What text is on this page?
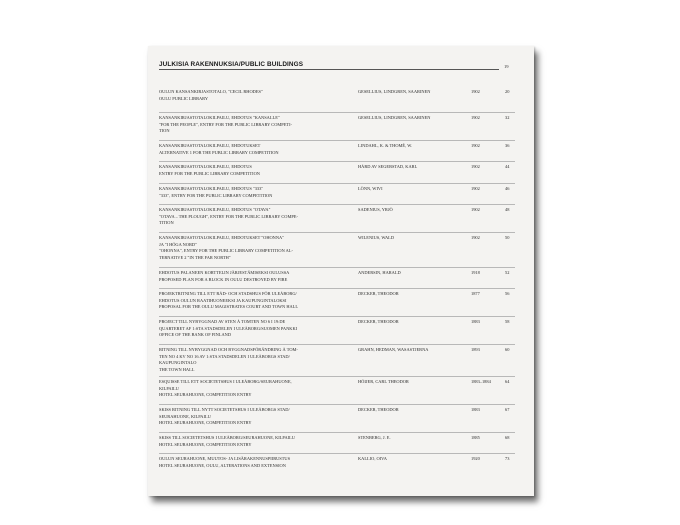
JULKISIA RAKENNUKSIA/PUBLIC BUILDINGS	19
OULUN KANSANKIRJASTOTALO, "CECIL RHODES"
OULU PUBLIC LIBRARY
GESELLIUS, LINDGREN, SAARINEN	1902	20
KANSANKIRJASTOTALOKILPAILU, EHDOTUS "KANSALLE"
"FOR THE PEOPLE", ENTRY FOR THE PUBLIC LIBRARY COMPETI-
TION
GESELLIUS, LINDGREN, SAARINEN	1902	32
KANSANKIRJASTOTALOKILPAILU, EHDOTUKSET
ALTERNATIVE 1 FOR THE PUBLIC LIBRARY COMPETITION
LINDAHL, K. & THOMÉ, W.	1902	36
KANSANKIRJASTOTALOKILPAILU, EHDOTUS
ENTRY FOR THE PUBLIC LIBRARY COMPETITION
HÅRD AV SEGERSTAD, KARL	1902	44
KANSANKIRJASTOTALOKILPAILU, EHDOTUS "333"
"333", ENTRY FOR THE PUBLIC LIBRARY COMPETITION
LÖNN, WIVI	1902	46
KANSANKIRJASTOTALOKILPAILU, EHDOTUS "OTAVA"
"OTAVA – THE PLOUGH", ENTRY FOR THE PUBLIC LIBRARY COMPE-
TITION
SADENIUS, YRJÖ	1902	48
KANSANKIRJASTOTALOKILPAILU, EHDOTUKSET "OHONNA"
JA "I HÖGA NORD"
"OHONNA", ENTRY FOR THE PUBLIC LIBRARY COMPETITION AL-
TERNATIVE 2 "IN THE FAR NORTH"
WILENIUS, WALD	1902	50
EHDOTUS PALANEEN KORTTELIN JÄRJESTÄMISEKSI OULUSSA
PROPOSED PLAN FOR A BLOCK IN OULU DESTROYED BY FIRE
ANDERSIN, HARALD	1918	52
PROJEKTRITNING TILL ETT RÅD- OCH STADSHUS FÖR ULEÅBORG/
EHDOTUS OULUN RAATIHUONEEKSI JA KAUPUNGINTALOKSI
PROPOSAL FOR THE OULU MAGISTRATES COURT AND TOWN HALL
DECKER, THEODOR	1877	56
PROJECT TILL NYBYGGNAD AV STEN Å TOMTEN NO 6 I 19:DE
QUARTERET AF 1:STA STADSDELEN I ULEÅBORG/SUOMEN PANKKI
OFFICE OF THE BANK OF FINLAND
DECKER, THEODOR	1883	58
RITNING TILL NYBYGGNAD OCH BYGGNADSFÖRÄNDRING Å TOM-
TEN NO 4 KV NO 16 AV 1:STA STADSDELEN I ULEÅBORGS STAD/
KAUPUNGINTALO
THE TOWN HALL
GRAHN, HEDMAN, WASASTJERNA	1893	60
ESQUISSE TILL ETT SOCIETETSHUS I ULEÅBORG/SEURAHUONE,
KILPAILU
HOTEL SEURAHUONE, COMPETITION ENTRY
HÖIJER, CARL THEODOR	1883–1884	64
SKISS RITNING TILL NYTT SOCIETETSHUS I ULEÅBORGS STAD/
SEURAHUONE, KILPAILU
HOTEL SEURAHUONE, COMPETITION ENTRY
DECKER, THEODOR	1883	67
SKISS TILL SOCIETETSHUS I ULEÅBORG/SEURAHUONE, KILPAILU
HOTEL SEURAHUONE, COMPETITION ENTRY
STENBERG, J. E.	1885	68
OULUN SEURAHUONE, MUUTOS- JA LISÄRAKENNUSPIIRUSTUS
HOTEL SEURAHUONE, OULU, ALTERATIONS AND EXTENSION
KALLIO, OIVA	1920	73
